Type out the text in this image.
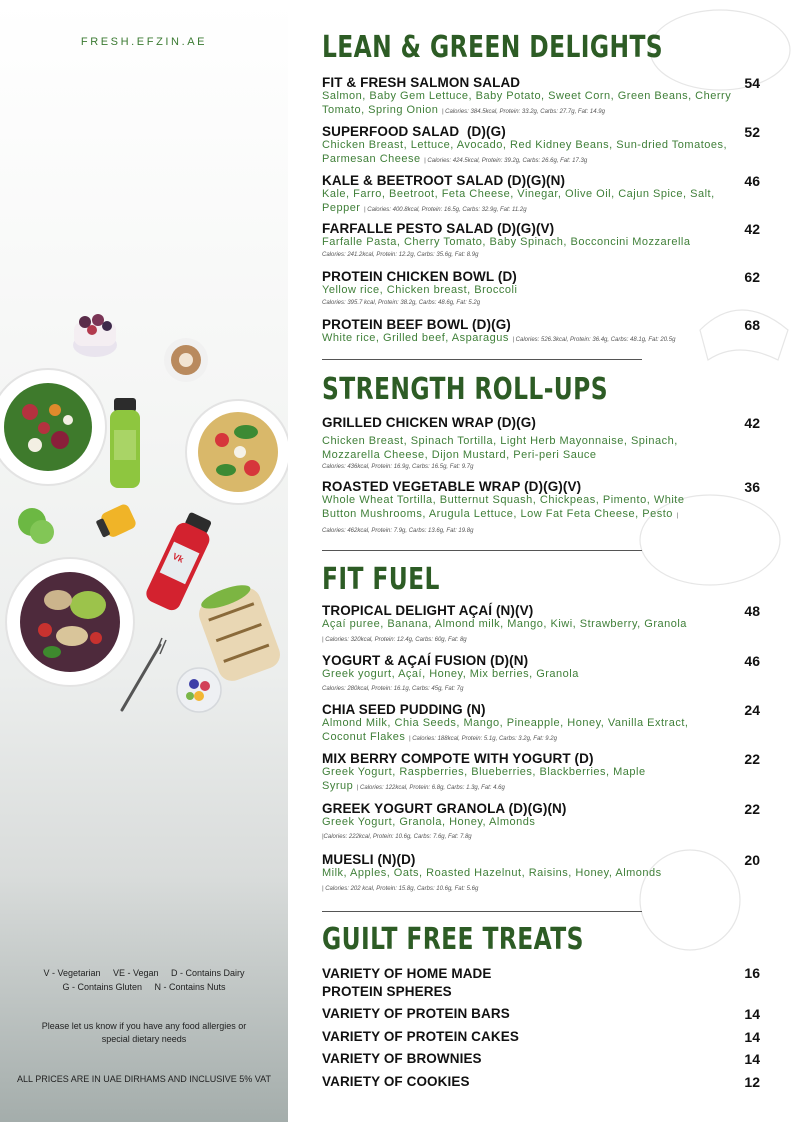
FRESH.EFZIN.AE
Vk
V - Vegetarian     VE - Vegan     D - Contains Dairy
G - Contains Gluten     N - Contains Nuts
Please let us know if you have any food allergies or
special dietary needs
ALL PRICES ARE IN UAE DIRHAMS AND INCLUSIVE 5% VAT
LEAN & GREEN DELIGHTS
FIT & FRESH SALMON SALAD	54
Salmon, Baby Gem Lettuce, Baby Potato, Sweet Corn, Green Beans, Cherry Tomato, Spring Onion | Calories: 384.5kcal, Protein: 33.2g, Carbs: 27.7g, Fat: 14.9g
SUPERFOOD SALAD  (D)(G)	52
Chicken Breast, Lettuce, Avocado, Red Kidney Beans, Sun-dried Tomatoes, Parmesan Cheese | Calories: 424.5kcal, Protein: 39.2g, Carbs: 26.6g, Fat: 17.3g
KALE & BEETROOT SALAD (D)(G)(N)	46
Kale, Farro, Beetroot, Feta Cheese, Vinegar, Olive Oil, Cajun Spice, Salt, Pepper | Calories: 400.8kcal, Protein: 16.5g, Carbs: 32.9g, Fat: 11.2g
FARFALLE PESTO SALAD (D)(G)(V)	42
Farfalle Pasta, Cherry Tomato, Baby Spinach, Bocconcini Mozzarella
Calories: 241.2kcal, Protein: 12.2g, Carbs: 35.6g, Fat: 8.9g
PROTEIN CHICKEN BOWL (D)	62
Yellow rice, Chicken breast, Broccoli
Calories: 395.7 kcal, Protein: 38.2g, Carbs: 48.6g, Fat: 5.2g
PROTEIN BEEF BOWL (D)(G)	68
White rice, Grilled beef, Asparagus | Calories: 526.3kcal, Protein: 36.4g, Carbs: 48.1g, Fat: 20.5g
STRENGTH ROLL-UPS
GRILLED CHICKEN WRAP (D)(G)	42
Chicken Breast, Spinach Tortilla, Light Herb Mayonnaise, Spinach, Mozzarella Cheese, Dijon Mustard, Peri-peri Sauce
Calories: 436kcal, Protein: 16.9g, Carbs: 16.5g, Fat: 9.7g
ROASTED VEGETABLE WRAP (D)(G)(V)	36
Whole Wheat Tortilla, Butternut Squash, Chickpeas, Pimento, White Button Mushrooms, Arugula Lettuce, Low Fat Feta Cheese, Pesto | Calories: 462kcal, Protein: 7.9g, Carbs: 13.6g, Fat: 19.8g
FIT FUEL
TROPICAL DELIGHT AÇAÍ (N)(V)	48
Açaí puree, Banana, Almond milk, Mango, Kiwi, Strawberry, Granola | Calories: 320kcal, Protein: 12.4g, Carbs: 60g, Fat: 8g
YOGURT & AÇAÍ FUSION (D)(N)	46
Greek yogurt, Açaí, Honey, Mix berries, Granola
Calories: 280kcal, Protein: 16.1g, Carbs: 45g, Fat: 7g
CHIA SEED PUDDING (N)	24
Almond Milk, Chia Seeds, Mango, Pineapple, Honey, Vanilla Extract, Coconut Flakes | Calories: 188kcal, Protein: 5.1g, Carbs: 3.2g, Fat: 9.2g
MIX BERRY COMPOTE WITH YOGURT (D)	22
Greek Yogurt, Raspberries, Blueberries, Blackberries, Maple Syrup | Calories: 122kcal, Protein: 6.8g, Carbs: 1.3g, Fat: 4.6g
GREEK YOGURT GRANOLA (D)(G)(N)	22
Greek Yogurt, Granola, Honey, Almonds
|Calories: 222kcal, Protein: 10.6g, Carbs: 7.6g, Fat: 7.8g
MUESLI (N)(D)	20
Milk, Apples, Oats, Roasted Hazelnut, Raisins, Honey, Almonds | Calories: 202 kcal, Protein: 15.8g, Carbs: 10.6g, Fat: 5.6g
GUILT FREE TREATS
VARIETY OF HOME MADE
PROTEIN SPHERES
16
VARIETY OF PROTEIN BARS	14
VARIETY OF PROTEIN CAKES	14
VARIETY OF BROWNIES	14
VARIETY OF COOKIES	12
